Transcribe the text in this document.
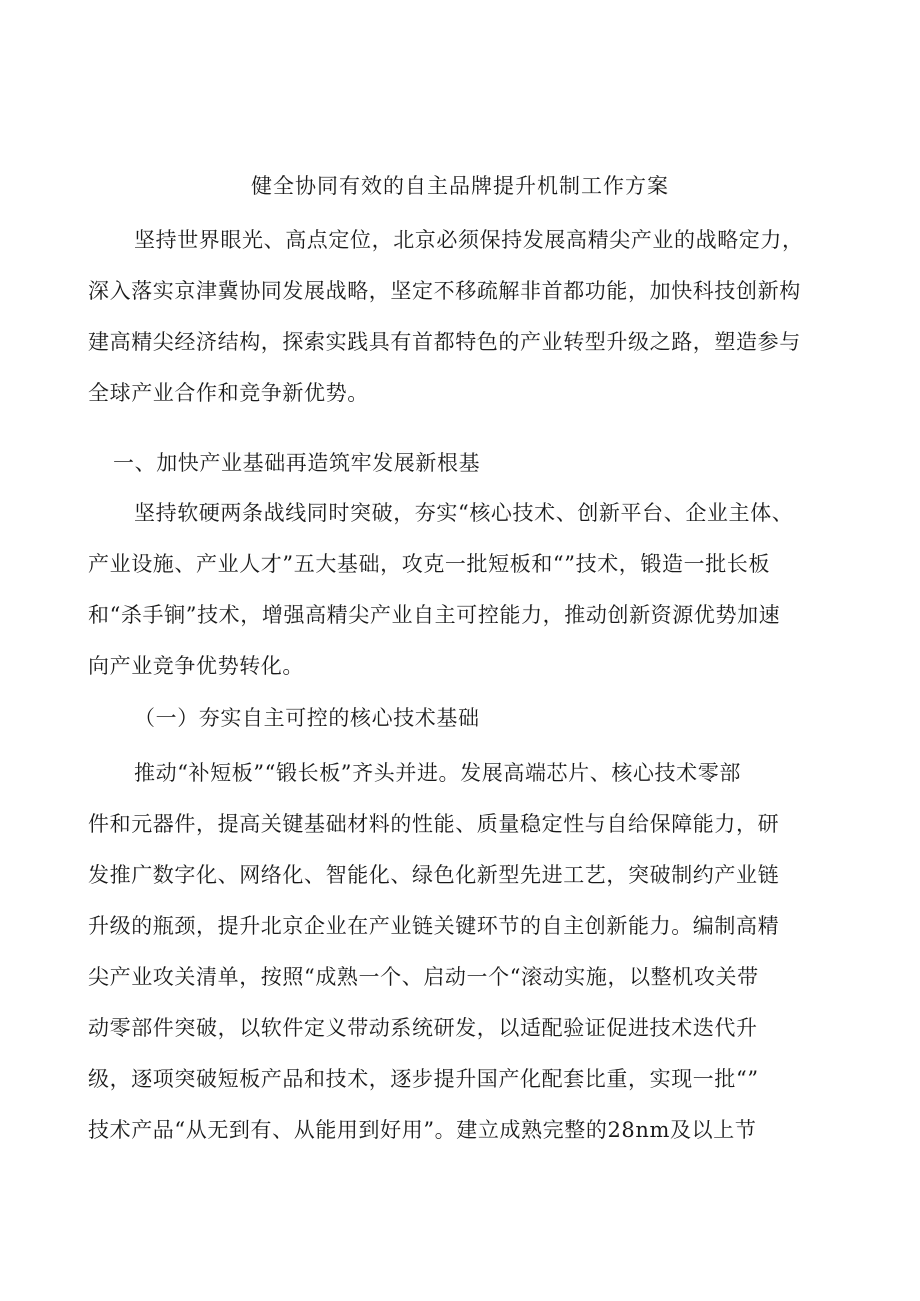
健全协同有效的自主品牌提升机制工作方案
坚持世界眼光、高点定位，北京必须保持发展高精尖产业的战略定力，
深入落实京津冀协同发展战略，坚定不移疏解非首都功能，加快科技创新构
建高精尖经济结构，探索实践具有首都特色的产业转型升级之路，塑造参与
全球产业合作和竞争新优势。
一、加快产业基础再造筑牢发展新根基
坚持软硬两条战线同时突破，夯实“核心技术、创新平台、企业主体、
产业设施、产业人才”五大基础，攻克一批短板和“”技术，锻造一批长板
和“杀手锏”技术，增强高精尖产业自主可控能力，推动创新资源优势加速
向产业竞争优势转化。
（一）夯实自主可控的核心技术基础
推动“补短板”“锻长板”齐头并进。发展高端芯片、核心技术零部
件和元器件，提高关键基础材料的性能、质量稳定性与自给保障能力，研
发推广数字化、网络化、智能化、绿色化新型先进工艺，突破制约产业链
升级的瓶颈，提升北京企业在产业链关键环节的自主创新能力。编制高精
尖产业攻关清单，按照“成熟一个、启动一个“滚动实施，以整机攻关带
动零部件突破，以软件定义带动系统研发，以适配验证促进技术迭代升
级，逐项突破短板产品和技术，逐步提升国产化配套比重，实现一批“”
技术产品“从无到有、从能用到好用”。建立成熟完整的28nm及以上节
